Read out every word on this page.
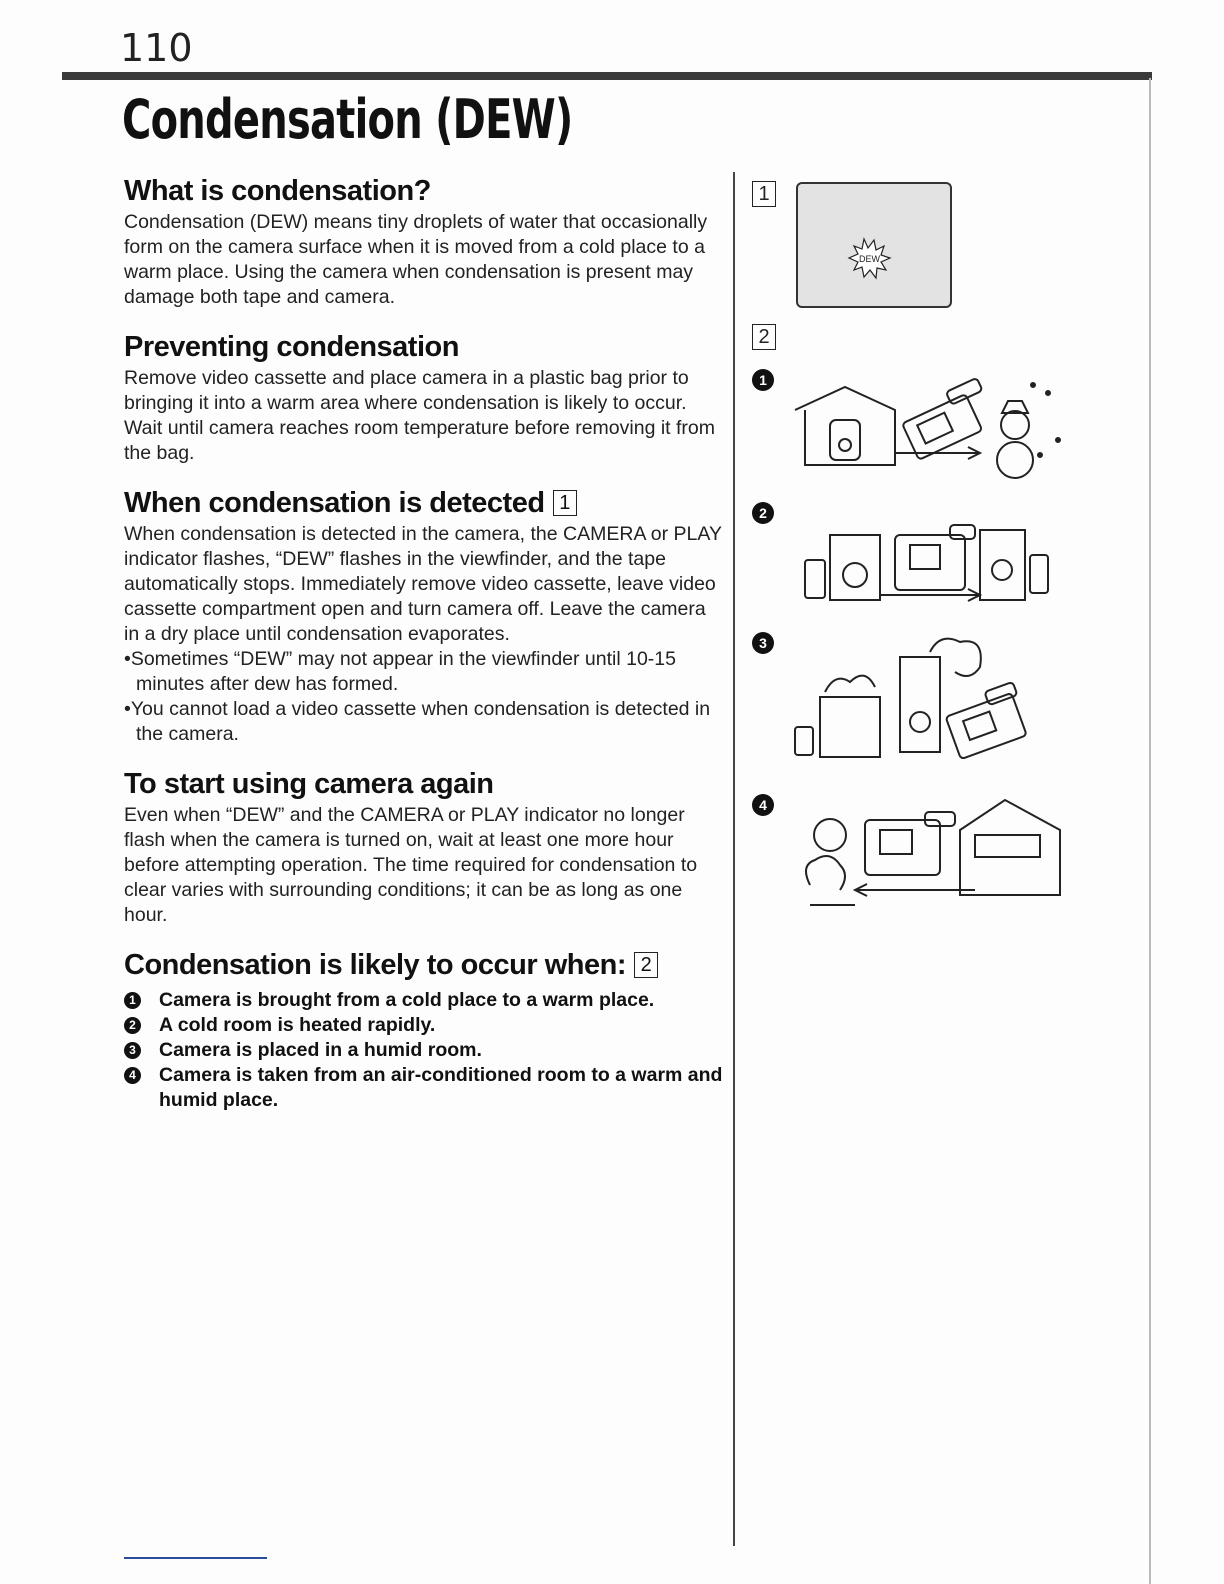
110
Condensation (DEW)
What is condensation?

Condensation (DEW) means tiny droplets of water that occasionally form on the camera surface when it is moved from a cold place to a warm place. Using the camera when condensation is present may damage both tape and camera.

Preventing condensation

Remove video cassette and place camera in a plastic bag prior to bringing it into a warm area where condensation is likely to occur. Wait until camera reaches room temperature before removing it from the bag.

When condensation is detected 1

When condensation is detected in the camera, the CAMERA or PLAY indicator flashes, “DEW” flashes in the viewfinder, and the tape automatically stops. Immediately remove video cassette, leave video cassette compartment open and turn camera off. Leave the camera in a dry place until condensation evaporates.

•Sometimes “DEW” may not appear in the viewfinder until 10-15 minutes after dew has formed.
•You cannot load a video cassette when condensation is detected in the camera.
To start using camera again

Even when “DEW” and the CAMERA or PLAY indicator no longer flash when the camera is turned on, wait at least one more hour before attempting operation. The time required for condensation to clear varies with surrounding conditions; it can be as long as one hour.

Condensation is likely to occur when: 2
1 Camera is brought from a cold place to a warm place.
2 A cold room is heated rapidly.
3 Camera is placed in a humid room.
4 Camera is taken from an air-conditioned room to a warm and humid place.
1
DEW
2
1
2
3
4
